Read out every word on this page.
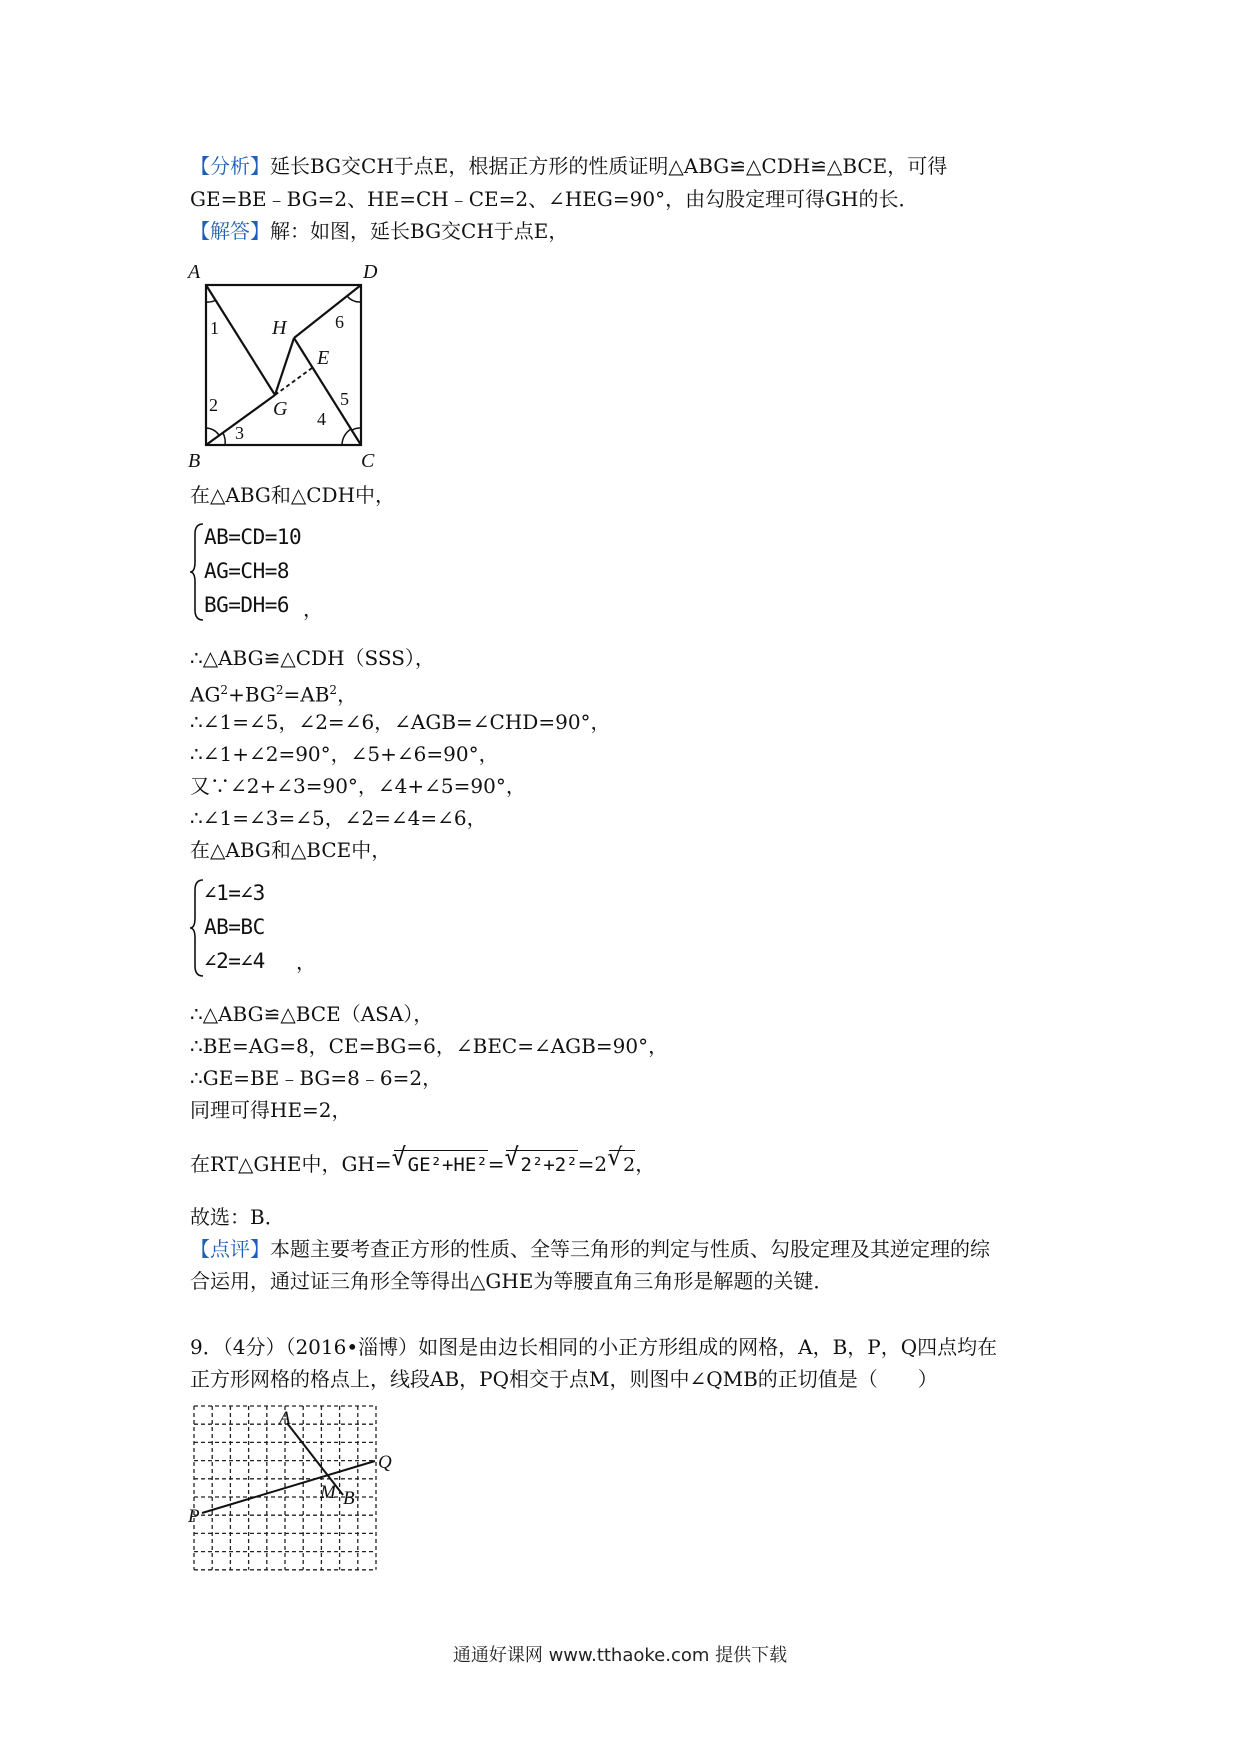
【分析】延长BG交CH于点E，根据正方形的性质证明△ABG≌△CDH≌△BCE，可得
GE=BE﹣BG=2、HE=CH﹣CE=2、∠HEG=90°，由勾股定理可得GH的长．
【解答】解：如图，延长BG交CH于点E，
A	D
B	C
H
E
G
1
2
3
4
5
6
在△ABG和△CDH中，
AB=CD=10
AG=CH=8
BG=DH=6 ，
∴△ABG≌△CDH（SSS），
$AG^2+BG^2=AB^2$，
∴∠1=∠5，∠2=∠6，∠AGB=∠CHD=90°，
∴∠1+∠2=90°，∠5+∠6=90°，
又∵∠2+∠3=90°，∠4+∠5=90°，
∴∠1=∠3=∠5，∠2=∠4=∠6，
在△ABG和△BCE中，
∠1=∠3
AB=BC
∠2=∠4 ，
∴△ABG≌△BCE（ASA），
∴BE=AG=8，CE=BG=6，∠BEC=∠AGB=90°，
∴GE=BE﹣BG=8﹣6=2，
同理可得HE=2，
在RT△GHE中，GH= √ GE²+HE²= √ 2²+2²=2 √ 2，
故选：B．
【点评】本题主要考查正方形的性质、全等三角形的判定与性质、勾股定理及其逆定理的综
合运用，通过证三角形全等得出△GHE为等腰直角三角形是解题的关键．
9．（4分）（2016•淄博）如图是由边长相同的小正方形组成的网格，A，B，P，Q四点均在
正方形网格的格点上，线段AB，PQ相交于点M，则图中∠QMB的正切值是（　　）
A
Q
M B
P
通通好课网 www.tthaoke.com 提供下载
